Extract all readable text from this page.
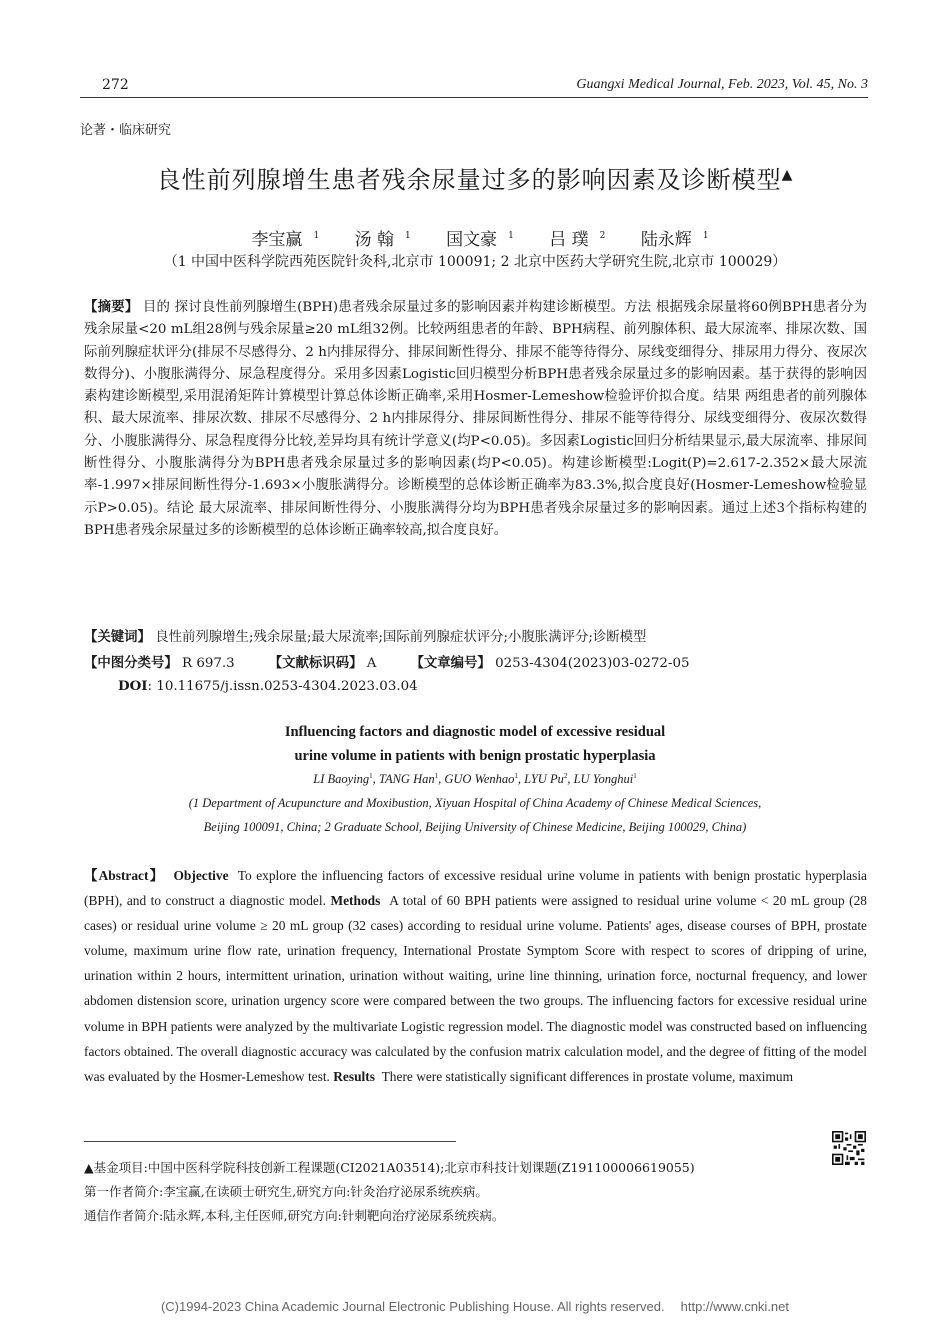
272	Guangxi Medical Journal, Feb. 2023, Vol. 45, No. 3
论著・临床研究
良性前列腺增生患者残余尿量过多的影响因素及诊断模型▲
李宝赢 $^1$ 汤 翰 $^1$ 国文豪 $^1$ 吕 璞 $^2$ 陆永辉 $^1$
（1 中国中医科学院西苑医院针灸科,北京市 100091; 2 北京中医药大学研究生院,北京市 100029）
【摘要】 目的 探讨良性前列腺增生(BPH)患者残余尿量过多的影响因素并构建诊断模型。方法 根据残余尿量将60例BPH患者分为残余尿量<20 mL组28例与残余尿量≥20 mL组32例。比较两组患者的年龄、BPH病程、前列腺体积、最大尿流率、排尿次数、国际前列腺症状评分(排尿不尽感得分、2 h内排尿得分、排尿间断性得分、排尿不能等待得分、尿线变细得分、排尿用力得分、夜尿次数得分)、小腹胀满得分、尿急程度得分。采用多因素Logistic回归模型分析BPH患者残余尿量过多的影响因素。基于获得的影响因素构建诊断模型,采用混淆矩阵计算模型计算总体诊断正确率,采用Hosmer-Lemeshow检验评价拟合度。结果 两组患者的前列腺体积、最大尿流率、排尿次数、排尿不尽感得分、2 h内排尿得分、排尿间断性得分、排尿不能等待得分、尿线变细得分、夜尿次数得分、小腹胀满得分、尿急程度得分比较,差异均具有统计学意义(均P<0.05)。多因素Logistic回归分析结果显示,最大尿流率、排尿间断性得分、小腹胀满得分为BPH患者残余尿量过多的影响因素(均P<0.05)。构建诊断模型:Logit(P)=2.617-2.352×最大尿流率-1.997×排尿间断性得分-1.693×小腹胀满得分。诊断模型的总体诊断正确率为83.3%,拟合度良好(Hosmer-Lemeshow检验显示P>0.05)。结论 最大尿流率、排尿间断性得分、小腹胀满得分均为BPH患者残余尿量过多的影响因素。通过上述3个指标构建的BPH患者残余尿量过多的诊断模型的总体诊断正确率较高,拟合度良好。
【关键词】 良性前列腺增生;残余尿量;最大尿流率;国际前列腺症状评分;小腹胀满评分;诊断模型
【中图分类号】 R 697.3	【文献标识码】 A	【文章编号】 0253-4304(2023)03-0272-05
DOI: 10.11675/j.issn.0253-4304.2023.03.04
Influencing factors and diagnostic model of excessive residual
urine volume in patients with benign prostatic hyperplasia
LI Baoying$^1$, TANG Han$^1$, GUO Wenhao$^1$, LYU Pu$^2$, LU Yonghui$^1$
(1 Department of Acupuncture and Moxibustion, Xiyuan Hospital of China Academy of Chinese Medical Sciences,
Beijing 100091, China; 2 Graduate School, Beijing University of Chinese Medicine, Beijing 100029, China)
【Abstract】 Objective To explore the influencing factors of excessive residual urine volume in patients with benign prostatic hyperplasia (BPH), and to construct a diagnostic model. Methods A total of 60 BPH patients were assigned to residual urine volume < 20 mL group (28 cases) or residual urine volume ≥ 20 mL group (32 cases) according to residual urine volume. Patients' ages, disease courses of BPH, prostate volume, maximum urine flow rate, urination frequency, International Prostate Symptom Score with respect to scores of dripping of urine, urination within 2 hours, intermittent urination, urination without waiting, urine line thinning, urination force, nocturnal frequency, and lower abdomen distension score, urination urgency score were compared between the two groups. The influencing factors for excessive residual urine volume in BPH patients were analyzed by the multivariate Logistic regression model. The diagnostic model was constructed based on influencing factors obtained. The overall diagnostic accuracy was calculated by the confusion matrix calculation model, and the degree of fitting of the model was evaluated by the Hosmer-Lemeshow test. Results There were statistically significant differences in prostate volume, maximum
▲基金项目:中国中医科学院科技创新工程课题(CI2021A03514);北京市科技计划课题(Z191100006619055)
第一作者简介:李宝赢,在读硕士研究生,研究方向:针灸治疗泌尿系统疾病。
通信作者简介:陆永辉,本科,主任医师,研究方向:针刺靶向治疗泌尿系统疾病。
(C)1994-2023 China Academic Journal Electronic Publishing House. All rights reserved. http://www.cnki.net
